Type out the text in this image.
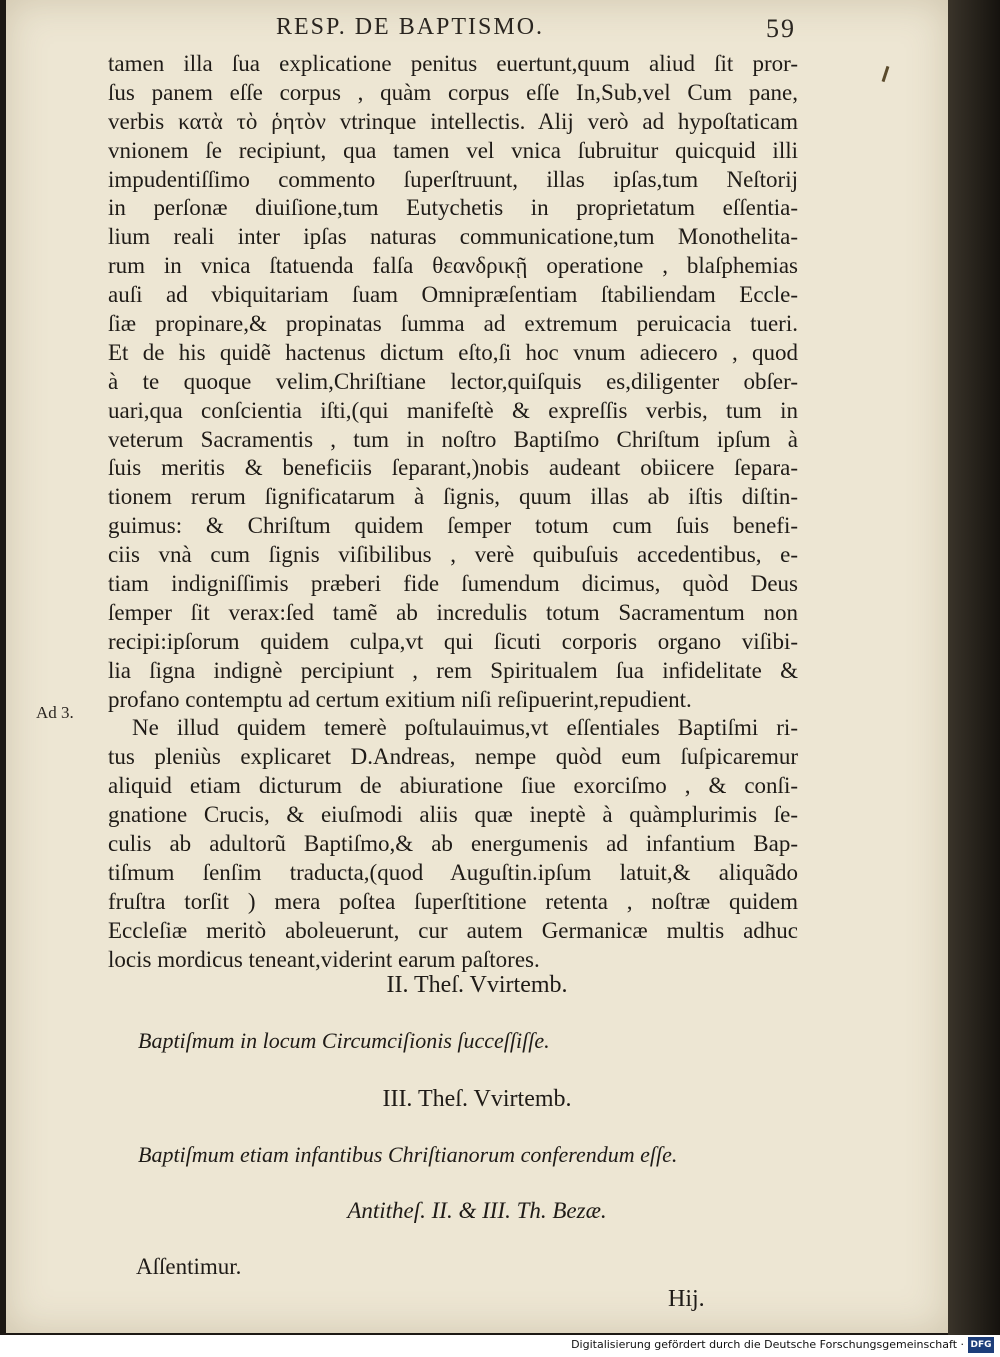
RESP. DE BAPTISMO.	59
tamen illa ſua explicatione penitus euertunt,quum aliud ſit pror-
ſus panem eſſe corpus , quàm corpus eſſe In,Sub,vel Cum pane,
verbis κατὰ τὸ ῥητὸν vtrinque intellectis. Alij verò ad hypoſtaticam
vnionem ſe recipiunt, qua tamen vel vnica ſubruitur quicquid illi
impudentiſſimo commento ſuperſtruunt, illas ipſas,tum Neſtorij
in perſonæ diuiſione,tum Eutychetis in proprietatum eſſentia-
lium reali inter ipſas naturas communicatione,tum Monothelita-
rum in vnica ſtatuenda falſa θεανδρικῇ operatione , blaſphemias
auſi ad vbiquitariam ſuam Omnipræſentiam ſtabiliendam Eccle-
ſiæ propinare,& propinatas ſumma ad extremum peruicacia tueri.
Et de his quidẽ hactenus dictum eſto,ſi hoc vnum adiecero , quod
à te quoque velim,Chriſtiane lector,quiſquis es,diligenter obſer-
uari,qua conſcientia iſti,(qui manifeſtè & expreſſis verbis, tum in
veterum Sacramentis , tum in noſtro Baptiſmo Chriſtum ipſum à
ſuis meritis & beneficiis ſeparant,)nobis audeant obiicere ſepara-
tionem rerum ſignificatarum à ſignis, quum illas ab iſtis diſtin-
guimus: & Chriſtum quidem ſemper totum cum ſuis benefi-
ciis vnà cum ſignis viſibilibus , verè quibuſuis accedentibus, e-
tiam indigniſſimis præberi fide ſumendum dicimus, quòd Deus
ſemper ſit verax:ſed tamẽ ab incredulis totum Sacramentum non
recipi:ipſorum quidem culpa,vt qui ſicuti corporis organo viſibi-
lia ſigna indignè percipiunt , rem Spiritualem ſua infidelitate &
profano contemptu ad certum exitium niſi reſipuerint,repudient.
Ne illud quidem temerè poſtulauimus,vt eſſentiales Baptiſmi ri-
tus pleniùs explicaret D.Andreas, nempe quòd eum ſuſpicaremur
aliquid etiam dicturum de abiuratione ſiue exorciſmo , & conſi-
gnatione Crucis, & eiuſmodi aliis quæ ineptè à quàmplurimis ſe-
culis ab adultorũ Baptiſmo,& ab energumenis ad infantium Bap-
tiſmum ſenſim traducta,(quod Auguſtin.ipſum latuit,& aliquãdo
fruſtra torſit ) mera poſtea ſuperſtitione retenta , noſtræ quidem
Eccleſiæ meritò aboleuerunt, cur autem Germanicæ multis adhuc
locis mordicus teneant,viderint earum paſtores.
Ad 3.
II. Theſ. Vvirtemb.
Baptiſmum in locum Circumciſionis ſucceſſiſſe.
III. Theſ. Vvirtemb.
Baptiſmum etiam infantibus Chriſtianorum conferendum eſſe.
Antitheſ. II. & III. Th. Bezæ.
Aſſentimur.
Hij.
Digitalisierung gefördert durch die Deutsche Forschungsgemeinschaft · DFG
